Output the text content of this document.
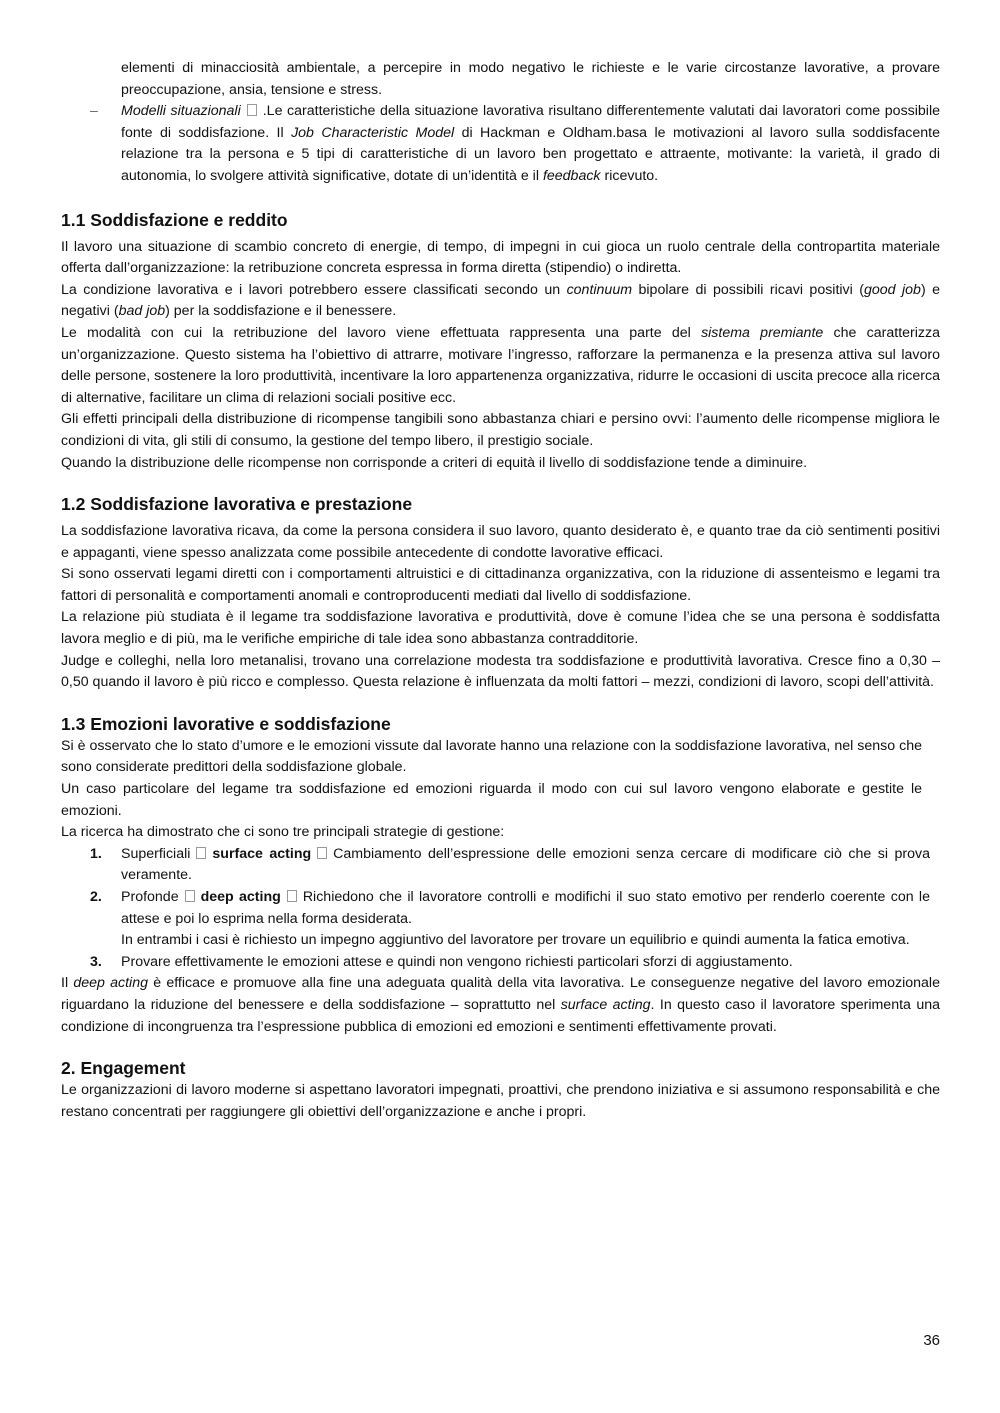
elementi di minacciosità ambientale, a percepire in modo negativo le richieste e le varie circostanze lavorative, a provare preoccupazione, ansia, tensione e stress.

– Modelli situazionali .Le caratteristiche della situazione lavorativa risultano differentemente valutati dai lavoratori come possibile fonte di soddisfazione. Il Job Characteristic Model di Hackman e Oldham.basa le motivazioni al lavoro sulla soddisfacente relazione tra la persona e 5 tipi di caratteristiche di un lavoro ben progettato e attraente, motivante: la varietà, il grado di autonomia, lo svolgere attività significative, dotate di un’identità e il feedback ricevuto.
1.1 Soddisfazione e reddito

Il lavoro una situazione di scambio concreto di energie, di tempo, di impegni in cui gioca un ruolo centrale della contropartita materiale offerta dall’organizzazione: la retribuzione concreta espressa in forma diretta (stipendio) o indiretta.

La condizione lavorativa e i lavori potrebbero essere classificati secondo un continuum bipolare di possibili ricavi positivi (good job) e negativi (bad job) per la soddisfazione e il benessere.

Le modalità con cui la retribuzione del lavoro viene effettuata rappresenta una parte del sistema premiante che caratterizza un’organizzazione. Questo sistema ha l’obiettivo di attrarre, motivare l’ingresso, rafforzare la permanenza e la presenza attiva sul lavoro delle persone, sostenere la loro produttività, incentivare la loro appartenenza organizzativa, ridurre le occasioni di uscita precoce alla ricerca di alternative, facilitare un clima di relazioni sociali positive ecc.

Gli effetti principali della distribuzione di ricompense tangibili sono abbastanza chiari e persino ovvi: l’aumento delle ricompense migliora le condizioni di vita, gli stili di consumo, la gestione del tempo libero, il prestigio sociale.

Quando la distribuzione delle ricompense non corrisponde a criteri di equità il livello di soddisfazione tende a diminuire.

1.2 Soddisfazione lavorativa e prestazione

La soddisfazione lavorativa ricava, da come la persona considera il suo lavoro, quanto desiderato è, e quanto trae da ciò sentimenti positivi e appaganti, viene spesso analizzata come possibile antecedente di condotte lavorative efficaci.

Si sono osservati legami diretti con i comportamenti altruistici e di cittadinanza organizzativa, con la riduzione di assenteismo e legami tra fattori di personalità e comportamenti anomali e controproducenti mediati dal livello di soddisfazione.

La relazione più studiata è il legame tra soddisfazione lavorativa e produttività, dove è comune l’idea che se una persona è soddisfatta lavora meglio e di più, ma le verifiche empiriche di tale idea sono abbastanza contradditorie.

Judge e colleghi, nella loro metanalisi, trovano una correlazione modesta tra soddisfazione e produttività lavorativa. Cresce fino a 0,30 – 0,50 quando il lavoro è più ricco e complesso. Questa relazione è influenzata da molti fattori – mezzi, condizioni di lavoro, scopi dell’attività.

1.3 Emozioni lavorative e soddisfazione

Si è osservato che lo stato d’umore e le emozioni vissute dal lavorate hanno una relazione con la soddisfazione lavorativa, nel senso che sono considerate predittori della soddisfazione globale.

Un caso particolare del legame tra soddisfazione ed emozioni riguarda il modo con cui sul lavoro vengono elaborate e gestite le emozioni.

La ricerca ha dimostrato che ci sono tre principali strategie di gestione:

1. Superficiali surface acting Cambiamento dell’espressione delle emozioni senza cercare di modificare ciò che si prova veramente.
2. Profonde deep acting Richiedono che il lavoratore controlli e modifichi il suo stato emotivo per renderlo coerente con le attese e poi lo esprima nella forma desiderata.
In entrambi i casi è richiesto un impegno aggiuntivo del lavoratore per trovare un equilibrio e quindi aumenta la fatica emotiva.
3. Provare effettivamente le emozioni attese e quindi non vengono richiesti particolari sforzi di aggiustamento.

Il deep acting è efficace e promuove alla fine una adeguata qualità della vita lavorativa. Le conseguenze negative del lavoro emozionale riguardano la riduzione del benessere e della soddisfazione – soprattutto nel surface acting. In questo caso il lavoratore sperimenta una condizione di incongruenza tra l’espressione pubblica di emozioni ed emozioni e sentimenti effettivamente provati.

2. Engagement

Le organizzazioni di lavoro moderne si aspettano lavoratori impegnati, proattivi, che prendono iniziativa e si assumono responsabilità e che restano concentrati per raggiungere gli obiettivi dell’organizzazione e anche i propri.

36
